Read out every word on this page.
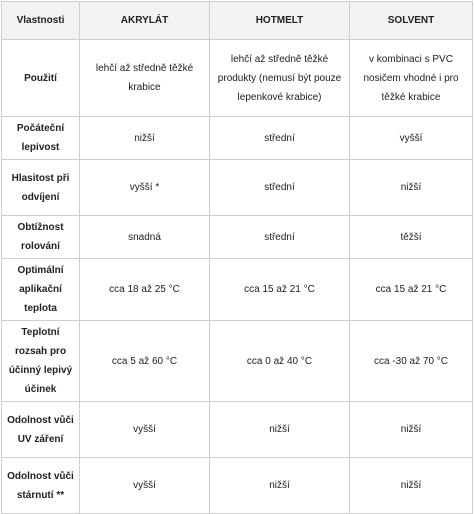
Vlastnosti	AKRYLÁT	HOTMELT	SOLVENT
Použití	lehčí až středně těžké krabice	lehčí až středně těžké produkty (nemusí být pouze lepenkové krabice)	v kombinaci s PVC nosičem vhodné i pro těžké krabice
Počáteční lepivost	nižší	střední	vyšší
Hlasitost při odvíjení	vyšší *	střední	nižší
Obtížnost rolování	snadná	střední	těžší
Optimální aplikační teplota	cca 18 až 25 °C	cca 15 až 21 °C	cca 15 až 21 °C
Teplotní rozsah pro účinný lepivý účinek	cca 5 až 60 °C	cca 0 až 40 °C	cca -30 až 70 °C
Odolnost vůči UV záření	vyšší	nižší	nižší
Odolnost vůči stárnutí **	vyšší	nižší	nižší
